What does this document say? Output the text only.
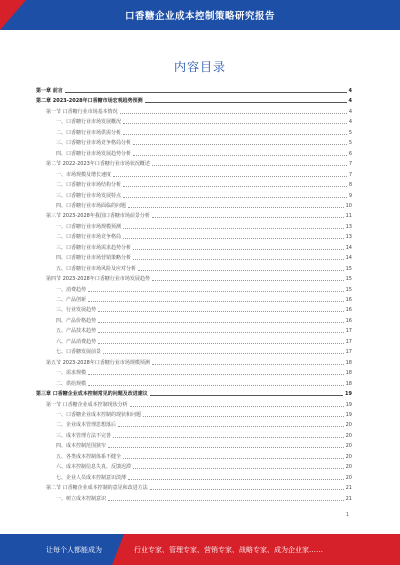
口香糖企业成本控制策略研究报告
内容目录
第一章 前言	4
第二章 2023-2028年口香糖市场宏观趋势预测	4
第一节 口香糖行业市场基本情况	4
一、口香糖行业市场发展概况	4
二、口香糖行业市场供需分析	5
三、口香糖行业市场竞争格局分析	5
四、口香糖行业市场发展趋势分析	6
第二节 2022-2023年口香糖行业市场状况概述	7
一、市场规模及增长速度	7
二、口香糖行业市场结构分析	8
三、口香糖行业市场发展特点	9
四、口香糖行业市场面临的问题	10
第三节 2023-2028年我国口香糖市场前景分析	11
一、口香糖行业市场规模预测	13
二、口香糖行业市场竞争格局	13
三、口香糖行业市场需求趋势分析	14
四、口香糖行业市场营销策略分析	14
五、口香糖行业市场风险及应对分析	15
第四节 2023-2028年口香糖行业市场发展趋势	15
一、消费趋势	15
二、产品创新	16
三、行业发展趋势	16
四、产品价格趋势	16
五、产品技术趋势	17
六、产品消费趋势	17
七、口香糖发展前景	17
第五节 2023-2028年口香糖行业市场规模预测	18
一、需求规模	18
二、供给规模	18
第三章 口香糖企业成本控制常见的问题及改进建议	19
第一节 口香糖企业成本控制现状分析	19
一、口香糖企业成本控制的现状和问题	19
二、企业成本管理思想落后	20
三、成本管理方法不完善	20
四、成本控制范围狭窄	20
五、各类成本控制体系不健全	20
六、成本控制信息失真、反馈迟滞	20
七、企业人员成本控制意识淡薄	20
第二节 口香糖企业成本控制的意见和改进方法	21
一、树立成本控制意识	21
1
让每个人都能成为	行业专家、管理专家、营销专家、战略专家、成为企业家……
